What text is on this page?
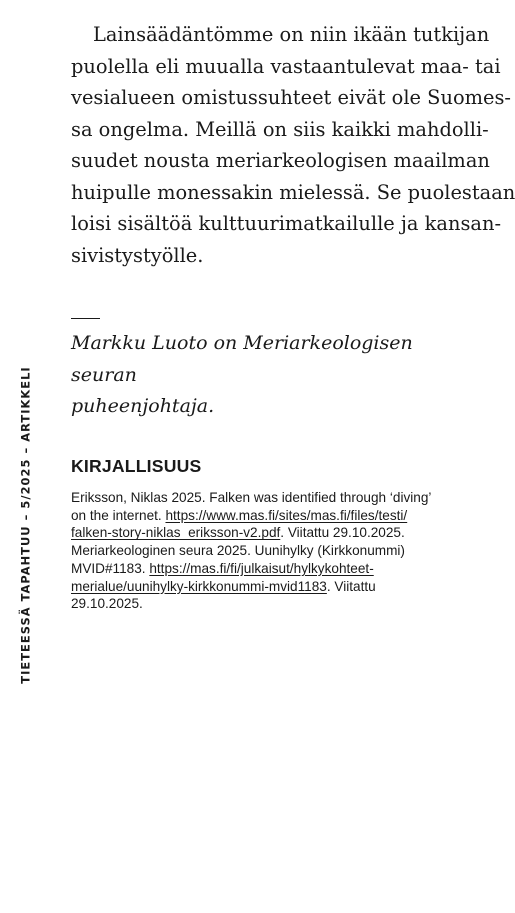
TIETEESSÄ TAPAHTUU – 5/2025 – ARTIKKELI

Lainsäädäntömme on niin ikään tutkijan
puolella eli muualla vastaantulevat maa- tai
vesialueen omistussuhteet eivät ole Suomes-
sa ongelma. Meillä on siis kaikki mahdolli-
suudet nousta meriarkeologisen maailman
huipulle monessakin mielessä. Se puolestaan
loisi sisältöä kulttuurimatkailulle ja kansan-
sivistystyölle.

Markku Luoto on Meriarkeologisen seuran
puheenjohtaja.

KIRJALLISUUS
Eriksson, Niklas 2025. Falken was identified through ‘diving’
on the internet. https://www.mas.fi/sites/mas.fi/files/testi/
falken-story-niklas_eriksson-v2.pdf. Viitattu 29.10.2025.
Meriarkeologinen seura 2025. Uunihylky (Kirkkonummi)
MVID#1183. https://mas.fi/fi/julkaisut/hylkykohteet-
merialue/uunihylky-kirkkonummi-mvid1183. Viitattu
29.10.2025.
